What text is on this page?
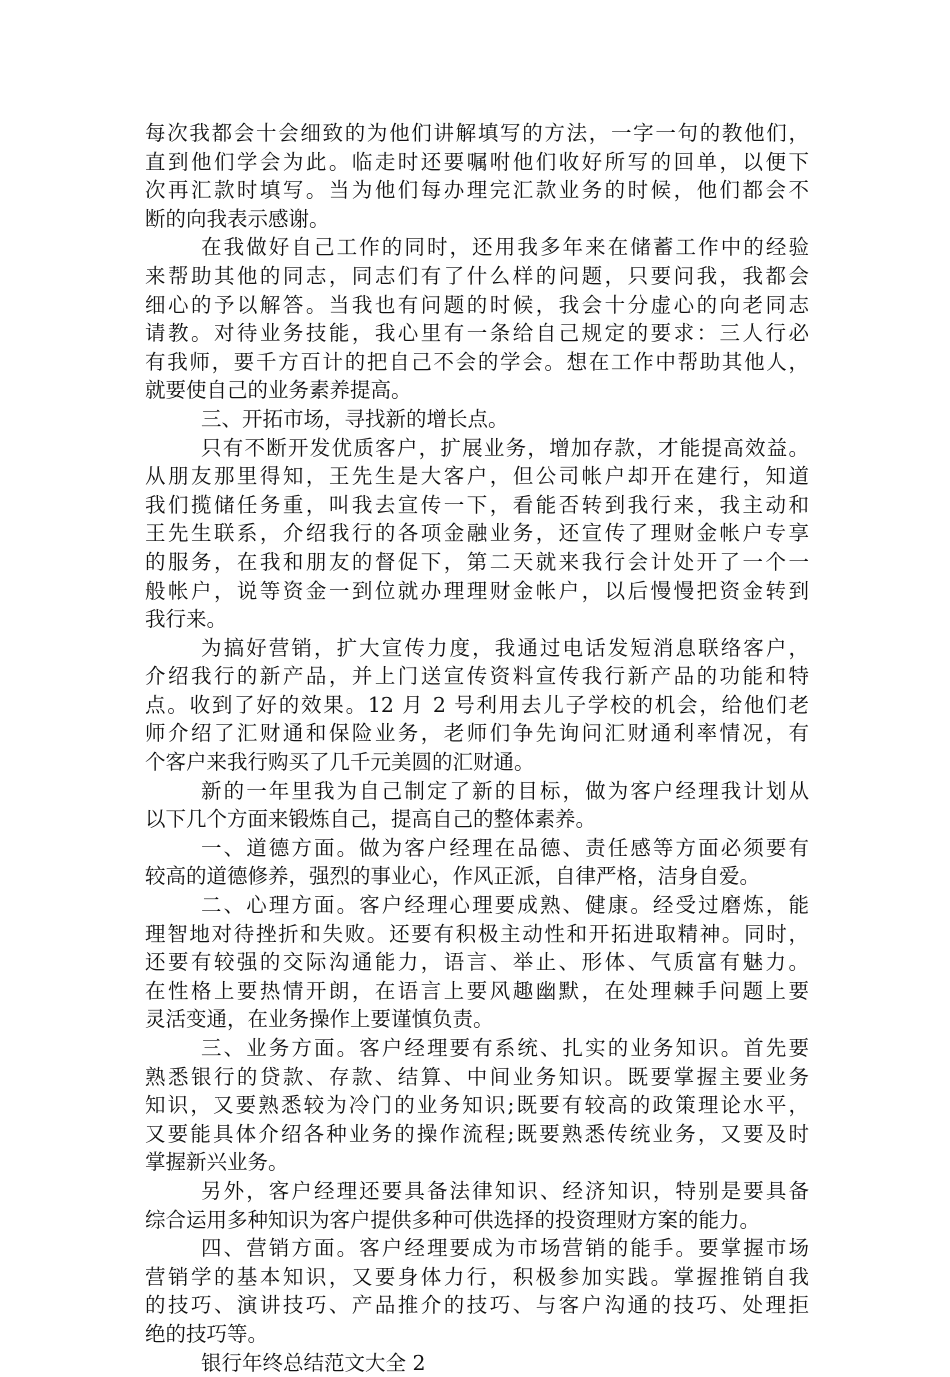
每次我都会十会细致的为他们讲解填写的方法，一字一句的教他们，
直到他们学会为此。临走时还要嘱咐他们收好所写的回单，以便下
次再汇款时填写。当为他们每办理完汇款业务的时候，他们都会不
断的向我表示感谢。
在我做好自己工作的同时，还用我多年来在储蓄工作中的经验
来帮助其他的同志，同志们有了什么样的问题，只要问我，我都会
细心的予以解答。当我也有问题的时候，我会十分虚心的向老同志
请教。对待业务技能，我心里有一条给自己规定的要求：三人行必
有我师，要千方百计的把自己不会的学会。想在工作中帮助其他人，
就要使自己的业务素养提高。
三、开拓市场，寻找新的增长点。
只有不断开发优质客户，扩展业务，增加存款，才能提高效益。
从朋友那里得知，王先生是大客户，但公司帐户却开在建行，知道
我们揽储任务重，叫我去宣传一下，看能否转到我行来，我主动和
王先生联系，介绍我行的各项金融业务，还宣传了理财金帐户专享
的服务，在我和朋友的督促下，第二天就来我行会计处开了一个一
般帐户，说等资金一到位就办理理财金帐户，以后慢慢把资金转到
我行来。
为搞好营销，扩大宣传力度，我通过电话发短消息联络客户，
介绍我行的新产品，并上门送宣传资料宣传我行新产品的功能和特
点。收到了好的效果。12 月 2 号利用去儿子学校的机会，给他们老
师介绍了汇财通和保险业务，老师们争先询问汇财通利率情况，有
个客户来我行购买了几千元美圆的汇财通。
新的一年里我为自己制定了新的目标，做为客户经理我计划从
以下几个方面来锻炼自己，提高自己的整体素养。
一、道德方面。做为客户经理在品德、责任感等方面必须要有
较高的道德修养，强烈的事业心，作风正派，自律严格，洁身自爱。
二、心理方面。客户经理心理要成熟、健康。经受过磨炼，能
理智地对待挫折和失败。还要有积极主动性和开拓进取精神。同时，
还要有较强的交际沟通能力，语言、举止、形体、气质富有魅力。
在性格上要热情开朗，在语言上要风趣幽默，在处理棘手问题上要
灵活变通，在业务操作上要谨慎负责。
三、业务方面。客户经理要有系统、扎实的业务知识。首先要
熟悉银行的贷款、存款、结算、中间业务知识。既要掌握主要业务
知识，又要熟悉较为冷门的业务知识;既要有较高的政策理论水平，
又要能具体介绍各种业务的操作流程;既要熟悉传统业务，又要及时
掌握新兴业务。
另外，客户经理还要具备法律知识、经济知识，特别是要具备
综合运用多种知识为客户提供多种可供选择的投资理财方案的能力。
四、营销方面。客户经理要成为市场营销的能手。要掌握市场
营销学的基本知识，又要身体力行，积极参加实践。掌握推销自我
的技巧、演讲技巧、产品推介的技巧、与客户沟通的技巧、处理拒
绝的技巧等。
银行年终总结范文大全 2
